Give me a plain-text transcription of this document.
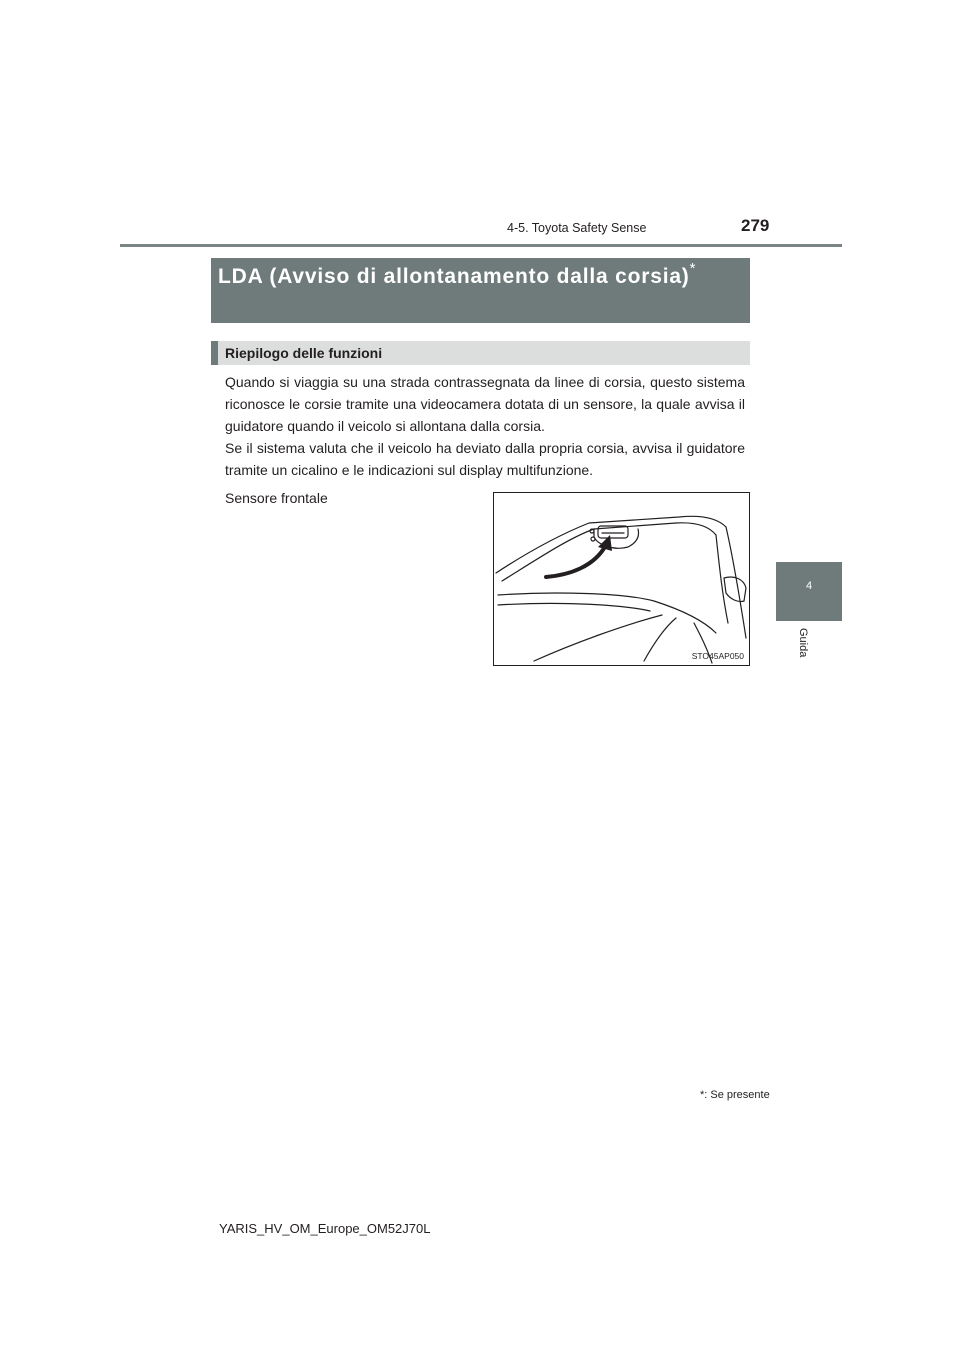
4-5. Toyota Safety Sense	279
4
Guida
LDA (Avviso di allontanamento dalla corsia)*
Riepilogo delle funzioni

Quando si viaggia su una strada contrassegnata da linee di corsia, questo sistema riconosce le corsie tramite una videocamera dotata di un sensore, la quale avvisa il guidatore quando il veicolo si allontana dalla corsia.

Se il sistema valuta che il veicolo ha deviato dalla propria corsia, avvisa il guidatore tramite un cicalino e le indicazioni sul display multifunzione.

Sensore frontale

STO45AP050
*: Se presente
YARIS_HV_OM_Europe_OM52J70L
